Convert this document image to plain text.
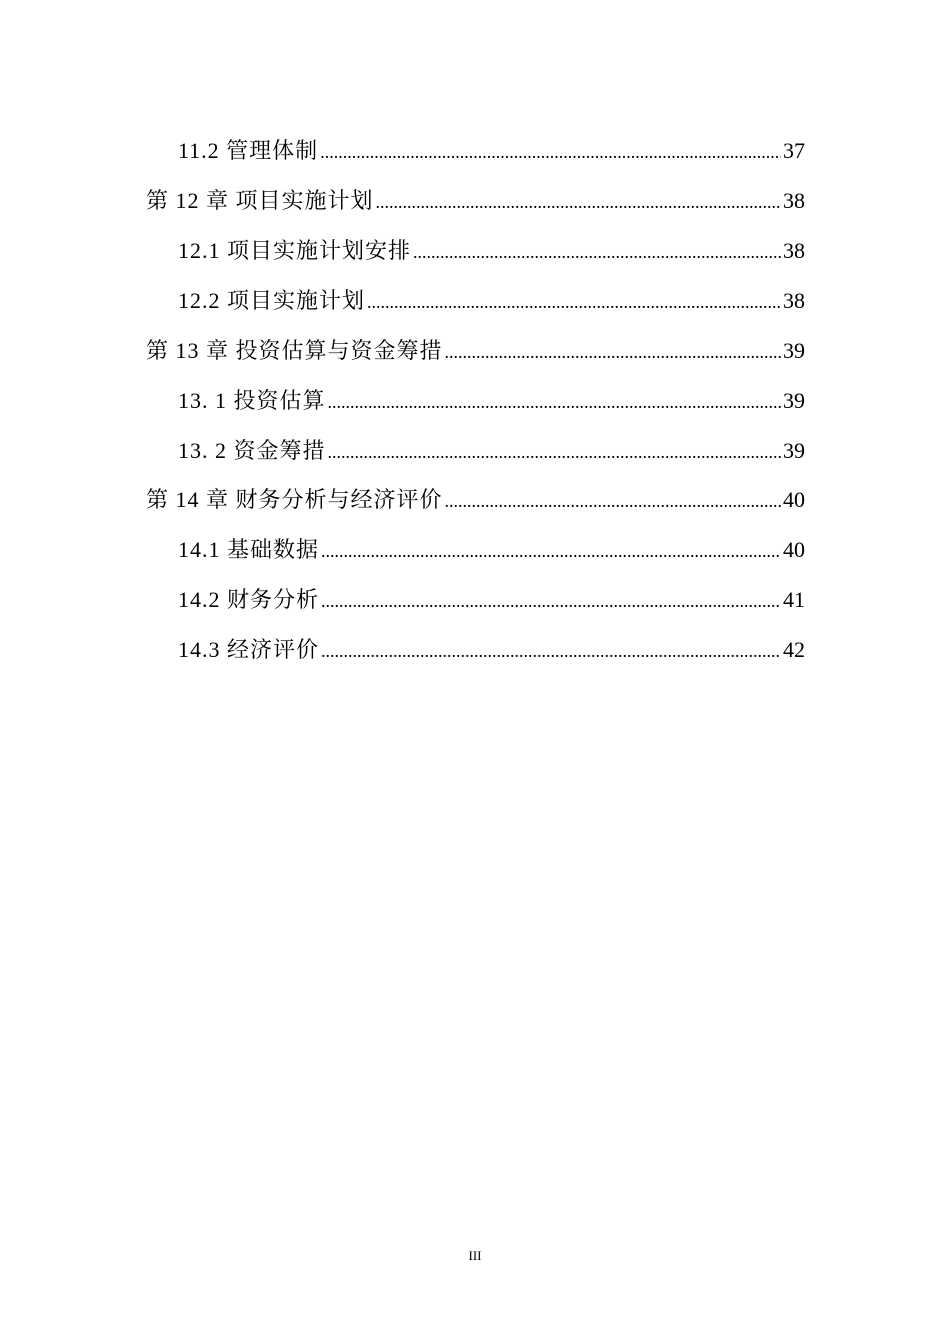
11.2 管理体制 .....	37
第 12 章 项目实施计划 .....	38
12.1 项目实施计划安排 .....	38
12.2 项目实施计划 .....	38
第 13 章 投资估算与资金筹措 .....	39
13. 1 投资估算 .....	39
13. 2 资金筹措 .....	39
第 14 章 财务分析与经济评价 .....	40
14.1 基础数据 .....	40
14.2 财务分析 .....	41
14.3 经济评价 .....	42
III
